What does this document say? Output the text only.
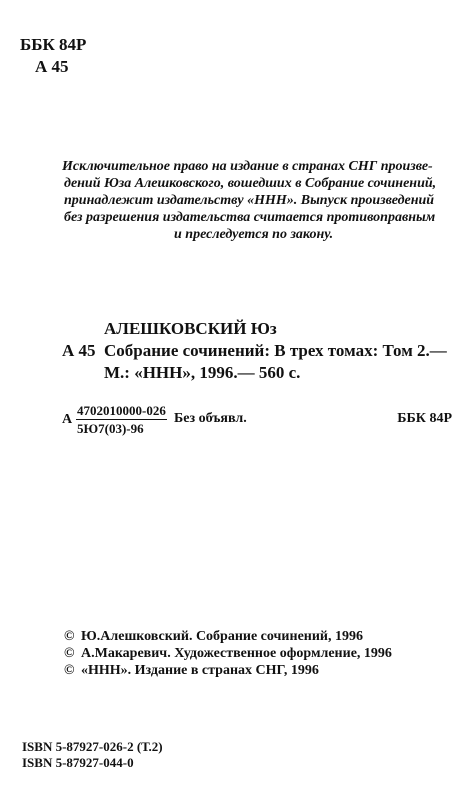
ББК 84Р
А 45
Исключительное право на издание в странах СНГ произве-
дений Юза Алешковского, вошедших в Собрание сочинений,
принадлежит издательству «ННН». Выпуск произведений
без разрешения издательства считается противоправным
и преследуется по закону.
АЛЕШКОВСКИЙ Юз
А 45 Собрание сочинений: В трех томах: Том 2.—
М.: «ННН», 1996.— 560 с.
А
4702010000-026
5Ю7(03)-96
Без объявл.	ББК 84Р
© Ю.Алешковский. Собрание сочинений, 1996
© А.Макаревич. Художественное оформление, 1996
© «ННН». Издание в странах СНГ, 1996
ISBN 5-87927-026-2 (Т.2)
ISBN 5-87927-044-0
